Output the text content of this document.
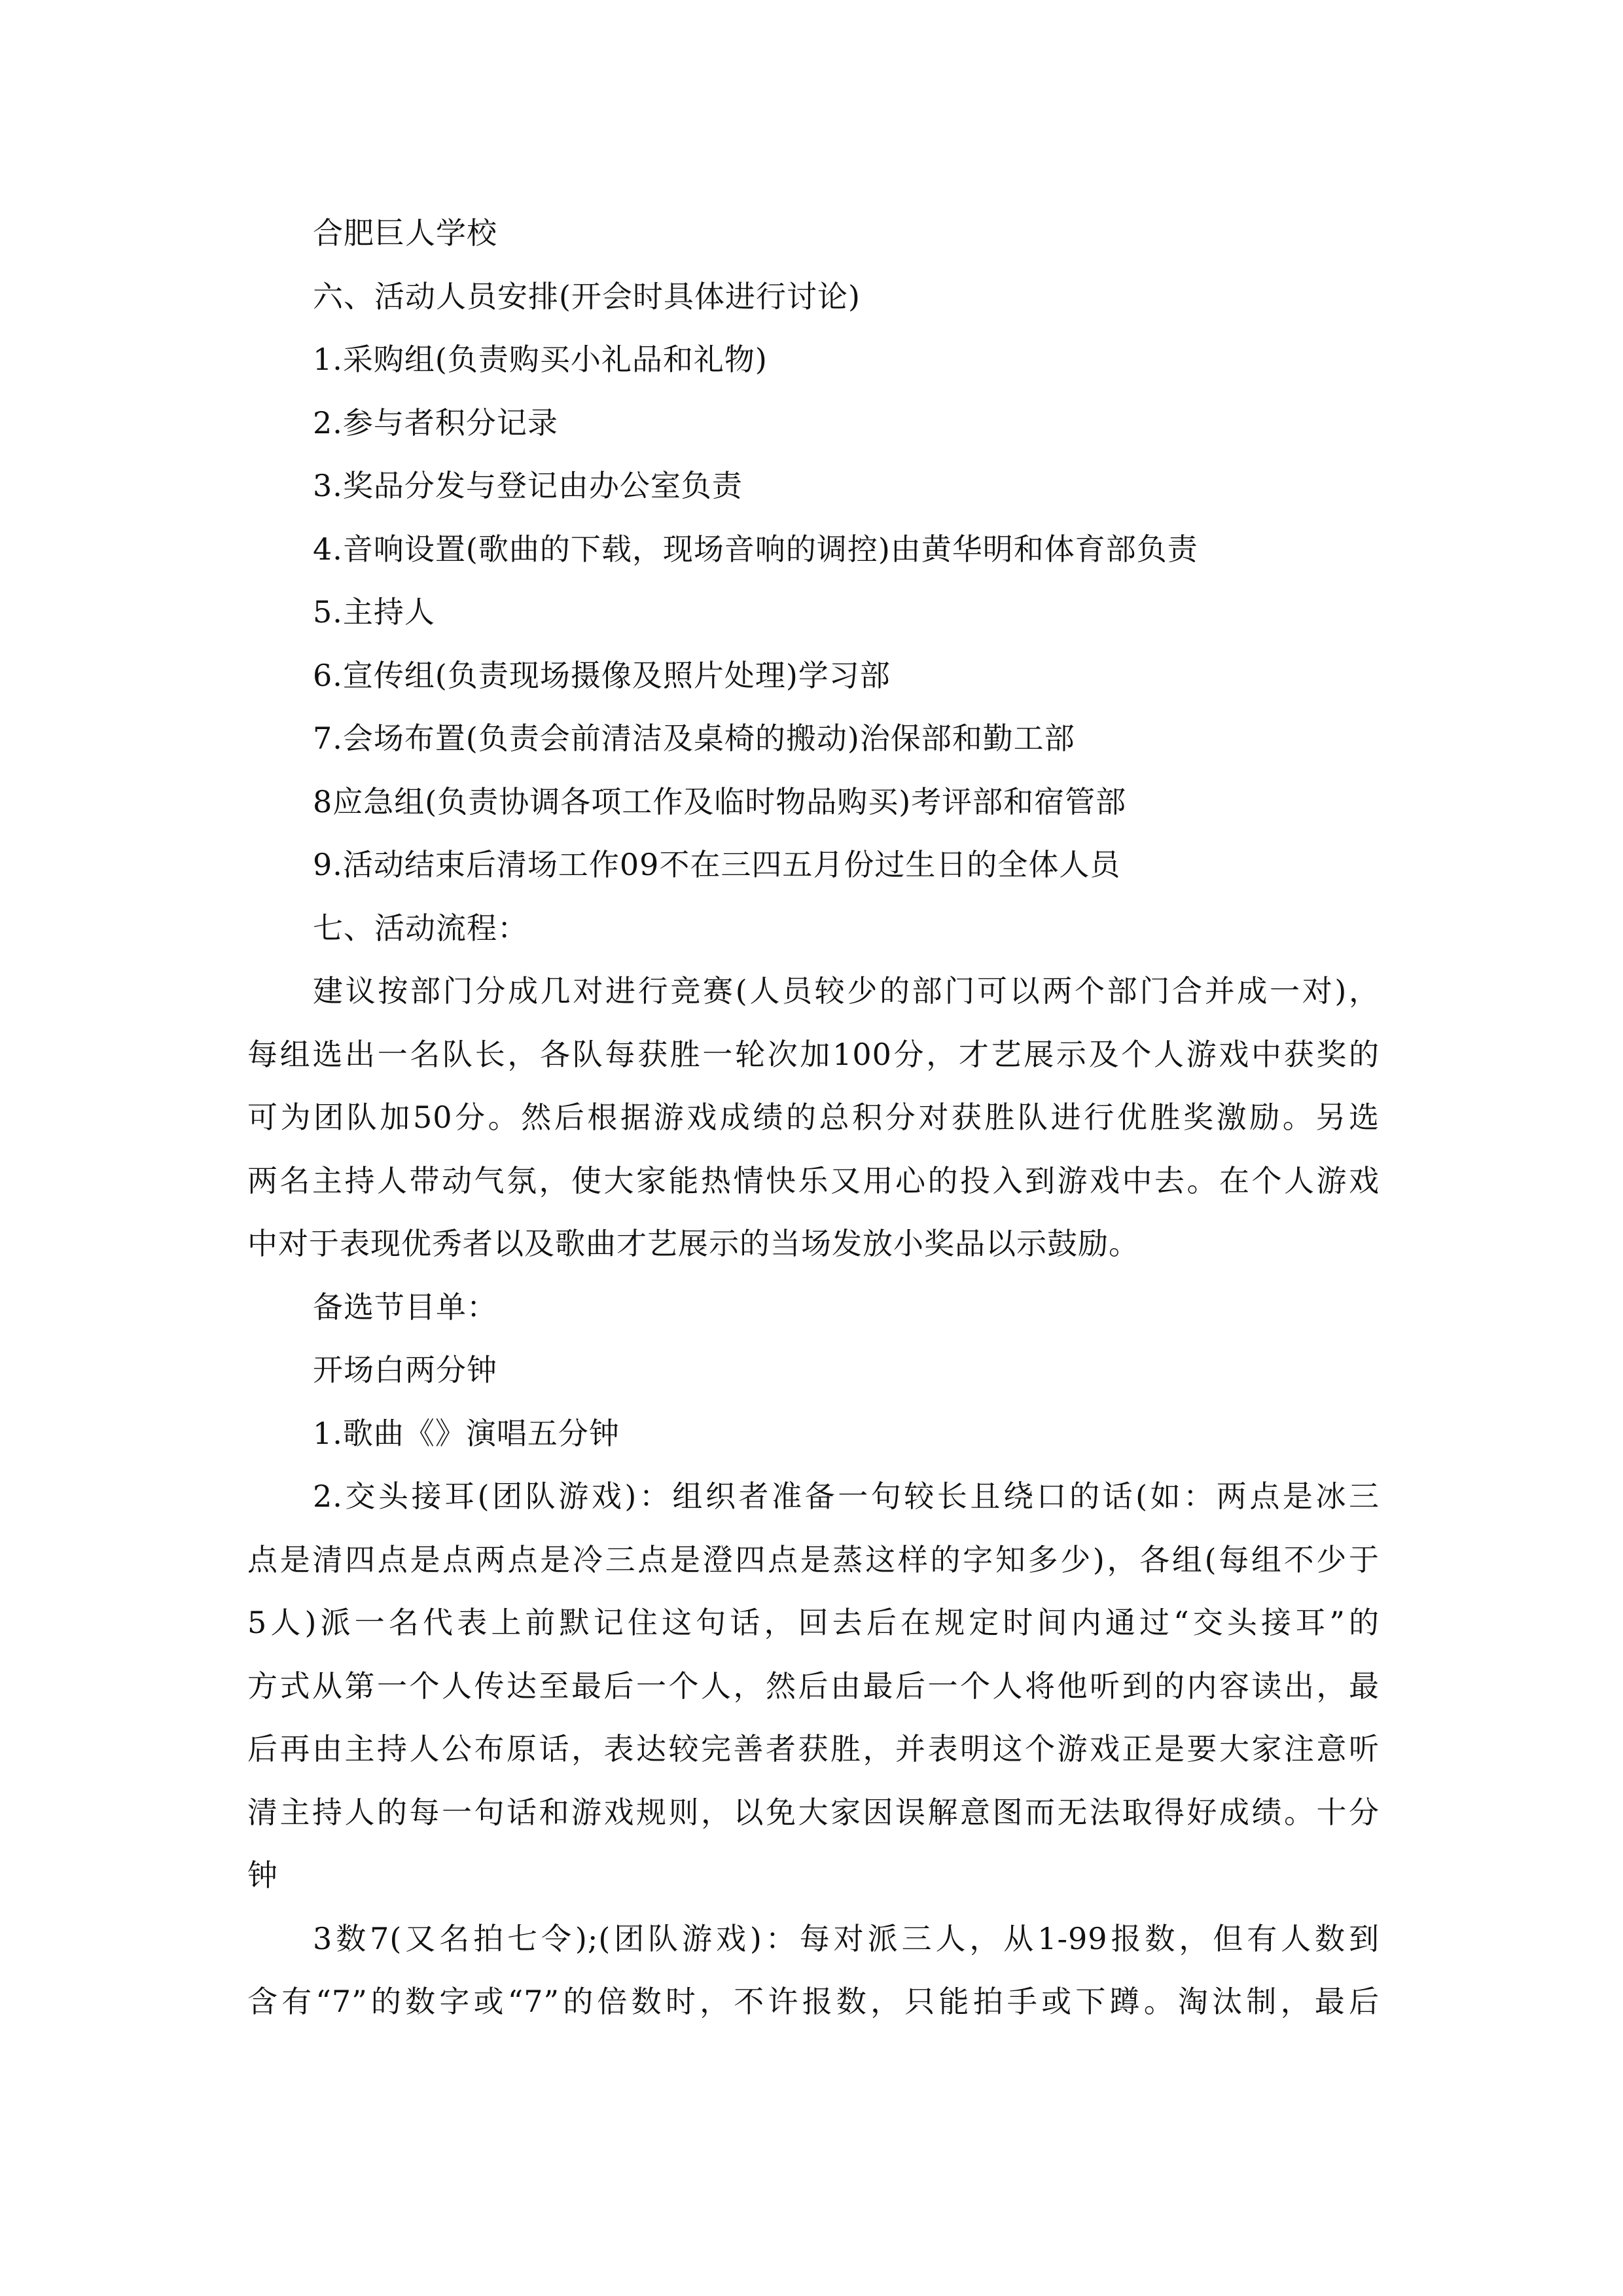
合肥巨人学校
六、活动人员安排(开会时具体进行讨论)
1.采购组(负责购买小礼品和礼物)
2.参与者积分记录
3.奖品分发与登记由办公室负责
4.音响设置(歌曲的下载，现场音响的调控)由黄华明和体育部负责
5.主持人
6.宣传组(负责现场摄像及照片处理)学习部
7.会场布置(负责会前清洁及桌椅的搬动)治保部和勤工部
8应急组(负责协调各项工作及临时物品购买)考评部和宿管部
9.活动结束后清场工作09不在三四五月份过生日的全体人员
七、活动流程：
建议按部门分成几对进行竞赛(人员较少的部门可以两个部门合并成一对)，
每组选出一名队长，各队每获胜一轮次加100分，才艺展示及个人游戏中获奖的
可为团队加50分。然后根据游戏成绩的总积分对获胜队进行优胜奖激励。另选
两名主持人带动气氛，使大家能热情快乐又用心的投入到游戏中去。在个人游戏
中对于表现优秀者以及歌曲才艺展示的当场发放小奖品以示鼓励。
备选节目单：
开场白两分钟
1.歌曲《》演唱五分钟
2.交头接耳(团队游戏)：组织者准备一句较长且绕口的话(如：两点是冰三
点是清四点是点两点是冷三点是澄四点是蒸这样的字知多少)，各组(每组不少于
5人)派一名代表上前默记住这句话，回去后在规定时间内通过“交头接耳”的
方式从第一个人传达至最后一个人，然后由最后一个人将他听到的内容读出，最
后再由主持人公布原话，表达较完善者获胜，并表明这个游戏正是要大家注意听
清主持人的每一句话和游戏规则，以免大家因误解意图而无法取得好成绩。十分
钟
3数7(又名拍七令);(团队游戏)：每对派三人，从1-99报数，但有人数到
含有“7”的数字或“7”的倍数时，不许报数，只能拍手或下蹲。淘汰制，最后
